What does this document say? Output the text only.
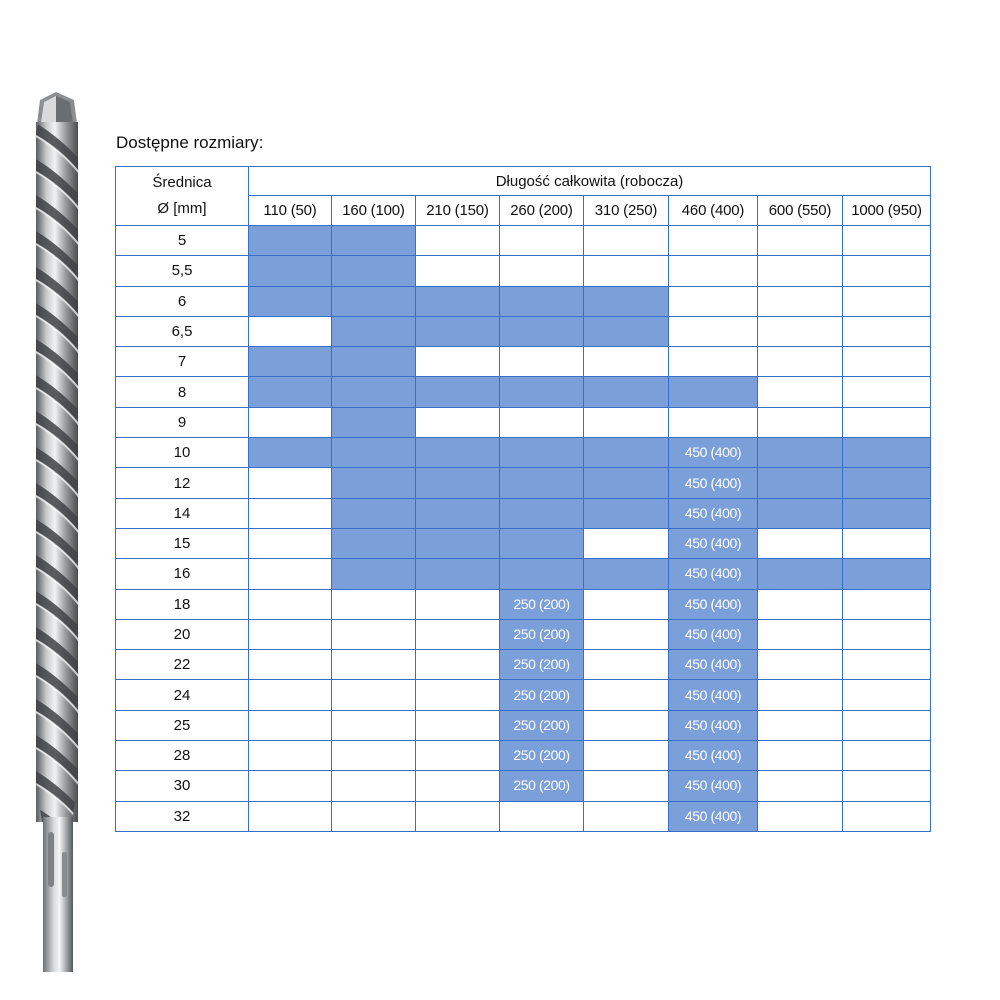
Dostępne rozmiary:
Średnica
Ø [mm]	Długość całkowita (robocza)							
	110 (50)	160 (100)	210 (150)	260 (200)	310 (250)	460 (400)	600 (550)	1000 (950)
5								
5,5								
6								
6,5								
7								
8								
9								
10						450 (400)		
12						450 (400)		
14						450 (400)		
15						450 (400)		
16						450 (400)		
18				250 (200)		450 (400)		
20				250 (200)		450 (400)		
22				250 (200)		450 (400)		
24				250 (200)		450 (400)		
25				250 (200)		450 (400)		
28				250 (200)		450 (400)		
30				250 (200)		450 (400)		
32						450 (400)		
